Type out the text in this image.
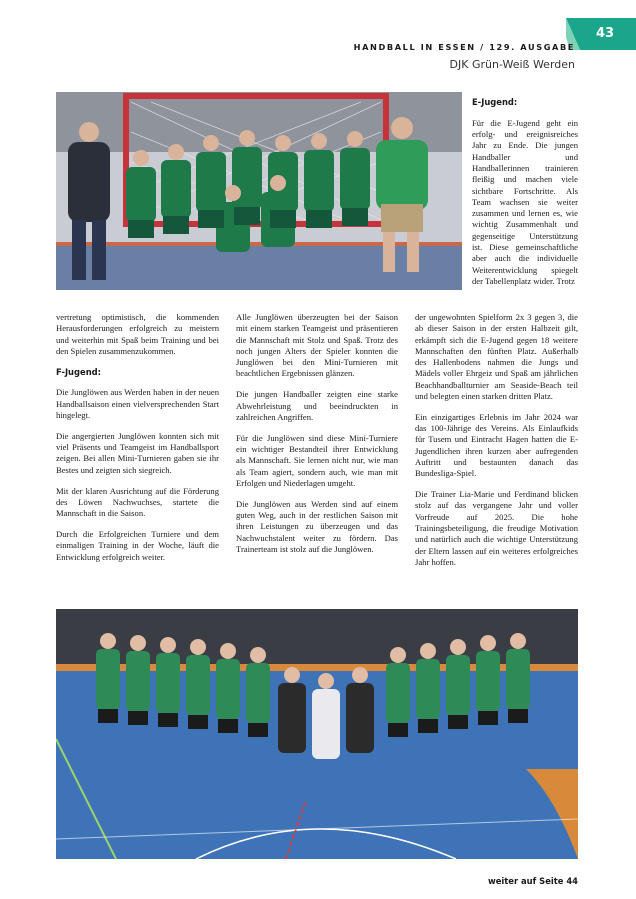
43
HANDBALL IN ESSEN / 129. AUSGABE
DJK Grün-Weiß Werden
E-Jugend:

Für die E-Jugend geht ein erfolg- und ereignisreiches Jahr zu Ende. Die jungen Handballer und Handballerinnen trainieren fleißig und machen viele sichtbare Fortschritte. Als Team wachsen sie weiter zusammen und lernen es, wie wichtig Zusammenhalt und gegenseitige Unterstützung ist. Diese gemeinschaftliche aber auch die individuelle Weiterentwicklung spiegelt der Tabellenplatz wider. Trotz

vertretung optimistisch, die kommenden Herausforderungen erfolgreich zu meistern und weiterhin mit Spaß beim Training und bei den Spielen zusammenzukommen.

F-Jugend:

Die Junglöwen aus Werden haben in der neuen Handballsaison einen vielversprechenden Start hingelegt.

Die angergierten Junglöwen konnten sich mit viel Präsents und Teamgeist im Handballsport zeigen. Bei allen Mini-Turnieren gaben sie ihr Bestes und zeigten sich siegreich.

Mit der klaren Ausrichtung auf die Förderung des Löwen Nachwuchses, startete die Mannschaft in die Saison.

Durch die Erfolgreichen Turniere und dem einmaligen Training in der Woche, läuft die Entwicklung erfolgreich weiter.

Alle Junglöwen überzeugten bei der Saison mit einem starken Teamgeist und präsentieren die Mannschaft mit Stolz und Spaß. Trotz des noch jungen Alters der Spieler konnten die Junglöwen bei den Mini-Turnieren mit beachtlichen Ergebnissen glänzen.

Die jungen Handballer zeigten eine starke Abwehrleistung und beeindruckten in zahlreichen Angriffen.

Für die Junglöwen sind diese Mini-Turniere ein wichtiger Bestandteil ihrer Entwicklung als Mannschaft. Sie lernen nicht nur, wie man als Team agiert, sondern auch, wie man mit Erfolgen und Niederlagen umgeht.

Die Junglöwen aus Werden sind auf einem guten Weg, auch in der restlichen Saison mit ihren Leistungen zu überzeugen und das Nachwuchstalent weiter zu fördern. Das Trainerteam ist stolz auf die Junglöwen.

der ungewohnten Spielform 2x 3 gegen 3, die ab dieser Saison in der ersten Halbzeit gilt, erkämpft sich die E-Jugend gegen 18 weitere Mannschaften den fünften Platz. Außerhalb des Hallenbodens nahmen die Jungs und Mädels voller Ehrgeiz und Spaß am jährlichen Beachhandballturnier am Seaside-Beach teil und belegten einen starken dritten Platz.

Ein einzigartiges Erlebnis im Jahr 2024 war das 100-Jährige des Vereins. Als Einlaufkids für Tusem und Eintracht Hagen hatten die E-Jugendlichen ihren kurzen aber aufregenden Auftritt und bestaunten danach das Bundesliga-Spiel.

Die Trainer Lia-Marie und Ferdinand blicken stolz auf das vergangene Jahr und voller Vorfreude auf 2025. Die hohe Trainingsbeteiligung, die freudige Motivation und natürlich auch die wichtige Unterstützung der Eltern lassen auf ein weiteres erfolgreiches Jahr hoffen.

weiter auf Seite 44
